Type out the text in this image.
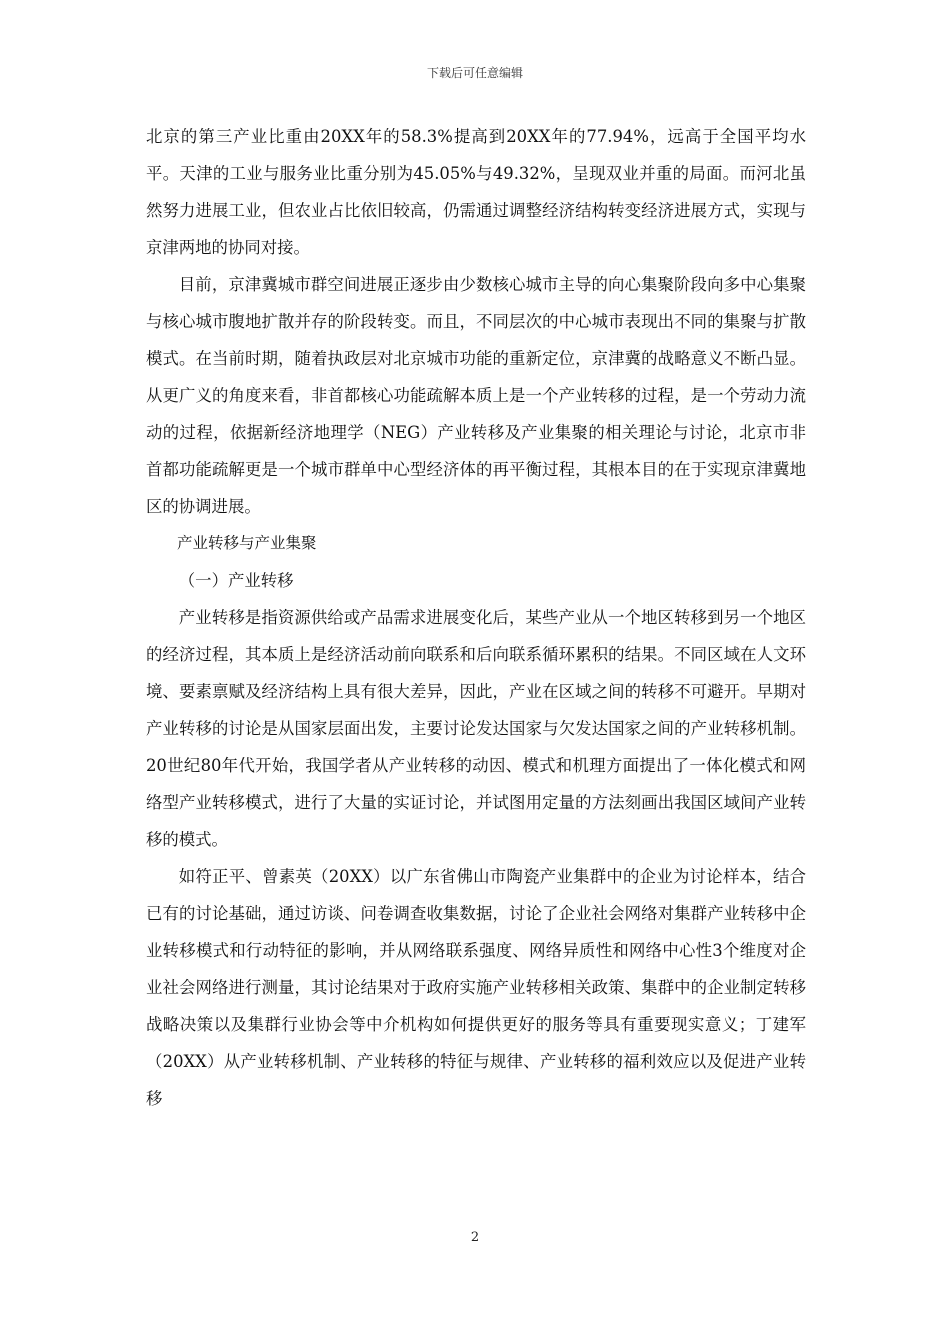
下载后可任意编辑

北京的第三产业比重由20XX年的58.3%提高到20XX年的77.94%，远高于全国平均水平。天津的工业与服务业比重分别为45.05%与49.32%，呈现双业并重的局面。而河北虽然努力进展工业，但农业占比依旧较高，仍需通过调整经济结构转变经济进展方式，实现与京津两地的协同对接。

目前，京津冀城市群空间进展正逐步由少数核心城市主导的向心集聚阶段向多中心集聚与核心城市腹地扩散并存的阶段转变。而且，不同层次的中心城市表现出不同的集聚与扩散模式。在当前时期，随着执政层对北京城市功能的重新定位，京津冀的战略意义不断凸显。从更广义的角度来看，非首都核心功能疏解本质上是一个产业转移的过程，是一个劳动力流动的过程，依据新经济地理学（NEG）产业转移及产业集聚的相关理论与讨论，北京市非首都功能疏解更是一个城市群单中心型经济体的再平衡过程，其根本目的在于实现京津冀地区的协调进展。

产业转移与产业集聚

（一）产业转移

产业转移是指资源供给或产品需求进展变化后，某些产业从一个地区转移到另一个地区的经济过程，其本质上是经济活动前向联系和后向联系循环累积的结果。不同区域在人文环境、要素禀赋及经济结构上具有很大差异，因此，产业在区域之间的转移不可避开。早期对产业转移的讨论是从国家层面出发，主要讨论发达国家与欠发达国家之间的产业转移机制。20世纪80年代开始，我国学者从产业转移的动因、模式和机理方面提出了一体化模式和网络型产业转移模式，进行了大量的实证讨论，并试图用定量的方法刻画出我国区域间产业转移的模式。

如符正平、曾素英（20XX）以广东省佛山市陶瓷产业集群中的企业为讨论样本，结合已有的讨论基础，通过访谈、问卷调查收集数据，讨论了企业社会网络对集群产业转移中企业转移模式和行动特征的影响，并从网络联系强度、网络异质性和网络中心性3个维度对企业社会网络进行测量，其讨论结果对于政府实施产业转移相关政策、集群中的企业制定转移战略决策以及集群行业协会等中介机构如何提供更好的服务等具有重要现实意义；丁建军（20XX）从产业转移机制、产业转移的特征与规律、产业转移的福利效应以及促进产业转移

2
